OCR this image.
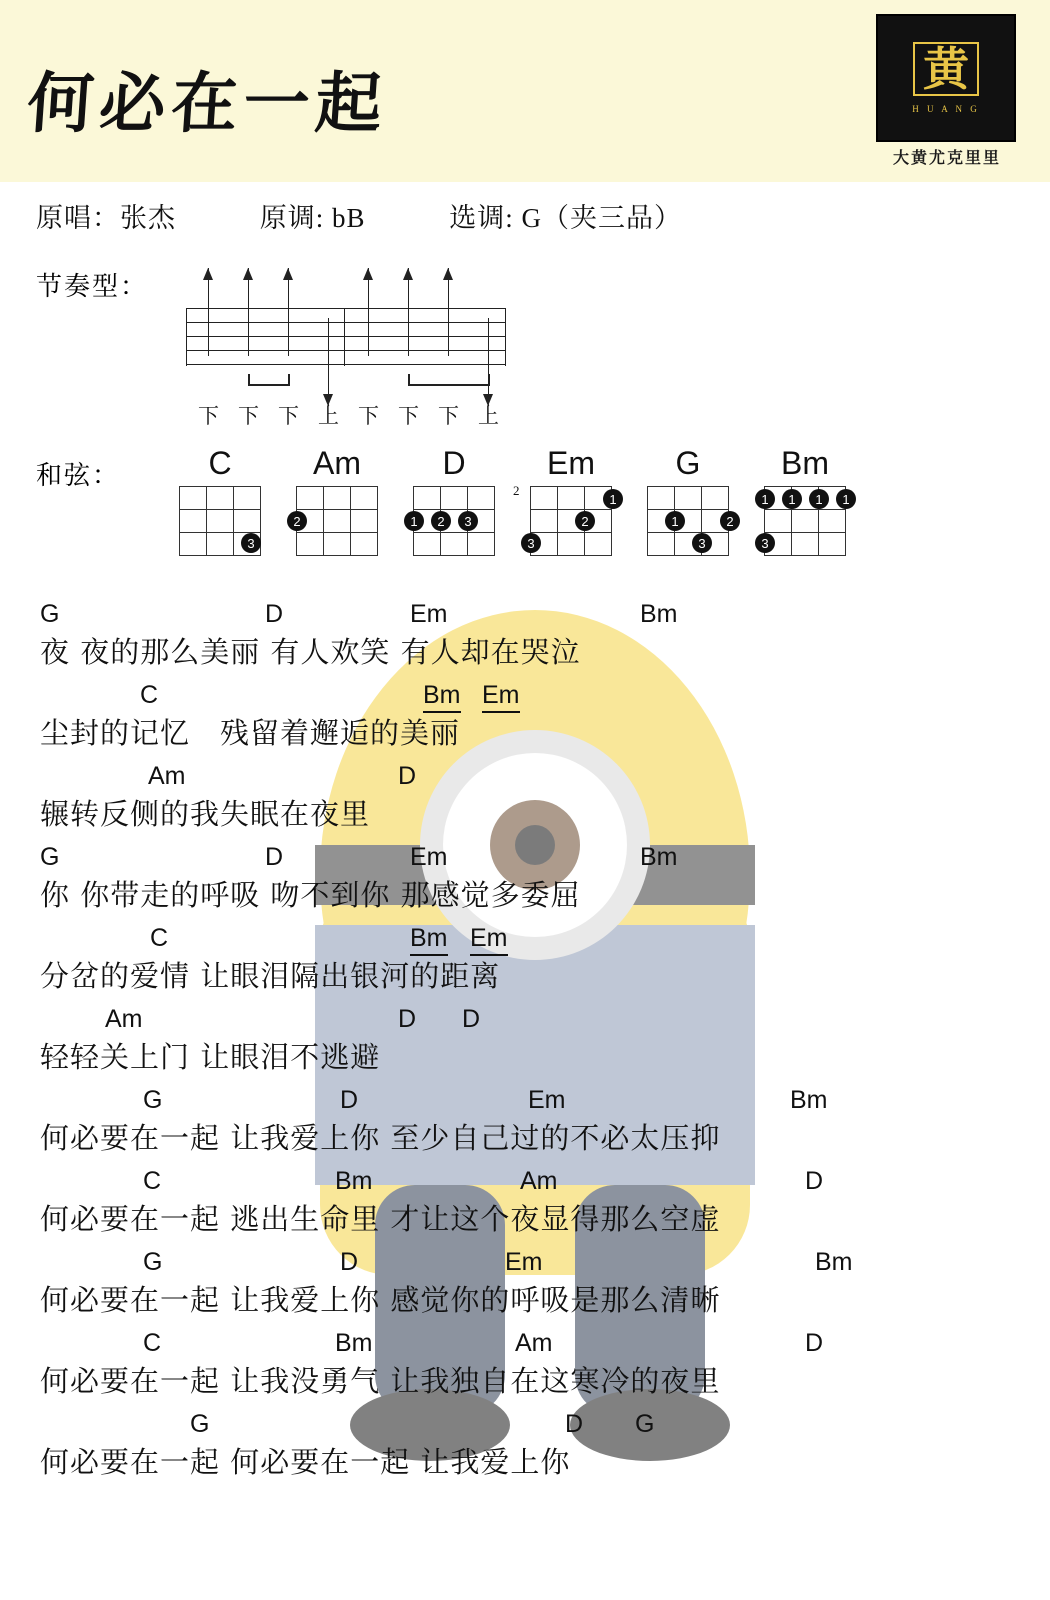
何必在一起	黄
H U A N G
大黄尤克里里
原唱：张杰	原调: bB	选调: G（夹三品）
节奏型：
下 下 下 上 下 下 下 上
和弦：	C
3
Am
2
D
1	2	3
Em
2
1
2
3
G
1	2
3
Bm
1	1	1	1
3
G	D	Em	Bm
夜 夜的那么美丽 有人欢笑 有人却在哭泣
C	Bm Em
尘封的记忆　残留着邂逅的美丽
Am	D
辗转反侧的我失眠在夜里
G	D	Em	Bm
你 你带走的呼吸 吻不到你 那感觉多委屈
C	Bm Em
分岔的爱情 让眼泪隔出银河的距离
Am	D D
轻轻关上门 让眼泪不逃避
G	D	Em	Bm
何必要在一起 让我爱上你 至少自己过的不必太压抑
C	Bm	Am	D
何必要在一起 逃出生命里 才让这个夜显得那么空虚
G	D	Em	Bm
何必要在一起 让我爱上你 感觉你的呼吸是那么清晰
C	Bm	Am	D
何必要在一起 让我没勇气 让我独自在这寒冷的夜里
G	D G
何必要在一起 何必要在一起 让我爱上你
